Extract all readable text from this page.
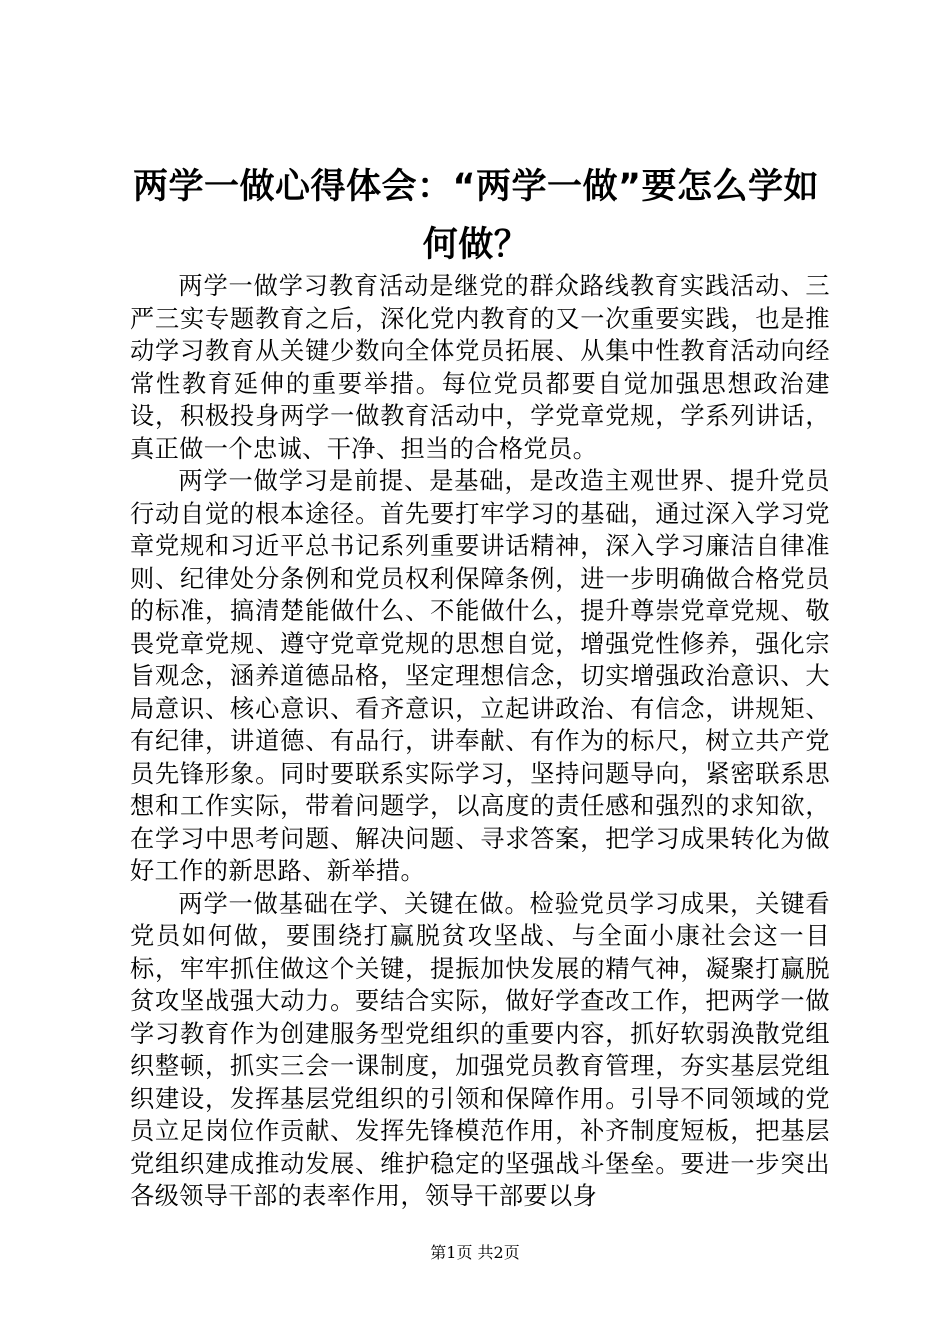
两学一做心得体会：“两学一做”要怎么学如何做？

两学一做学习教育活动是继党的群众路线教育实践活动、三严三实专题教育之后，深化党内教育的又一次重要实践，也是推动学习教育从关键少数向全体党员拓展、从集中性教育活动向经常性教育延伸的重要举措。每位党员都要自觉加强思想政治建设，积极投身两学一做教育活动中，学党章党规，学系列讲话，真正做一个忠诚、干净、担当的合格党员。

两学一做学习是前提、是基础，是改造主观世界、提升党员行动自觉的根本途径。首先要打牢学习的基础，通过深入学习党章党规和习近平总书记系列重要讲话精神，深入学习廉洁自律准则、纪律处分条例和党员权利保障条例，进一步明确做合格党员的标准，搞清楚能做什么、不能做什么，提升尊崇党章党规、敬畏党章党规、遵守党章党规的思想自觉，增强党性修养，强化宗旨观念，涵养道德品格，坚定理想信念，切实增强政治意识、大局意识、核心意识、看齐意识，立起讲政治、有信念，讲规矩、有纪律，讲道德、有品行，讲奉献、有作为的标尺，树立共产党员先锋形象。同时要联系实际学习，坚持问题导向，紧密联系思想和工作实际，带着问题学，以高度的责任感和强烈的求知欲，在学习中思考问题、解决问题、寻求答案，把学习成果转化为做好工作的新思路、新举措。

两学一做基础在学、关键在做。检验党员学习成果，关键看党员如何做，要围绕打赢脱贫攻坚战、与全面小康社会这一目标，牢牢抓住做这个关键，提振加快发展的精气神，凝聚打赢脱贫攻坚战强大动力。要结合实际，做好学查改工作，把两学一做学习教育作为创建服务型党组织的重要内容，抓好软弱涣散党组织整顿，抓实三会一课制度，加强党员教育管理，夯实基层党组织建设，发挥基层党组织的引领和保障作用。引导不同领域的党员立足岗位作贡献、发挥先锋模范作用，补齐制度短板，把基层党组织建成推动发展、维护稳定的坚强战斗堡垒。要进一步突出各级领导干部的表率作用，领导干部要以身

第1页 共2页
